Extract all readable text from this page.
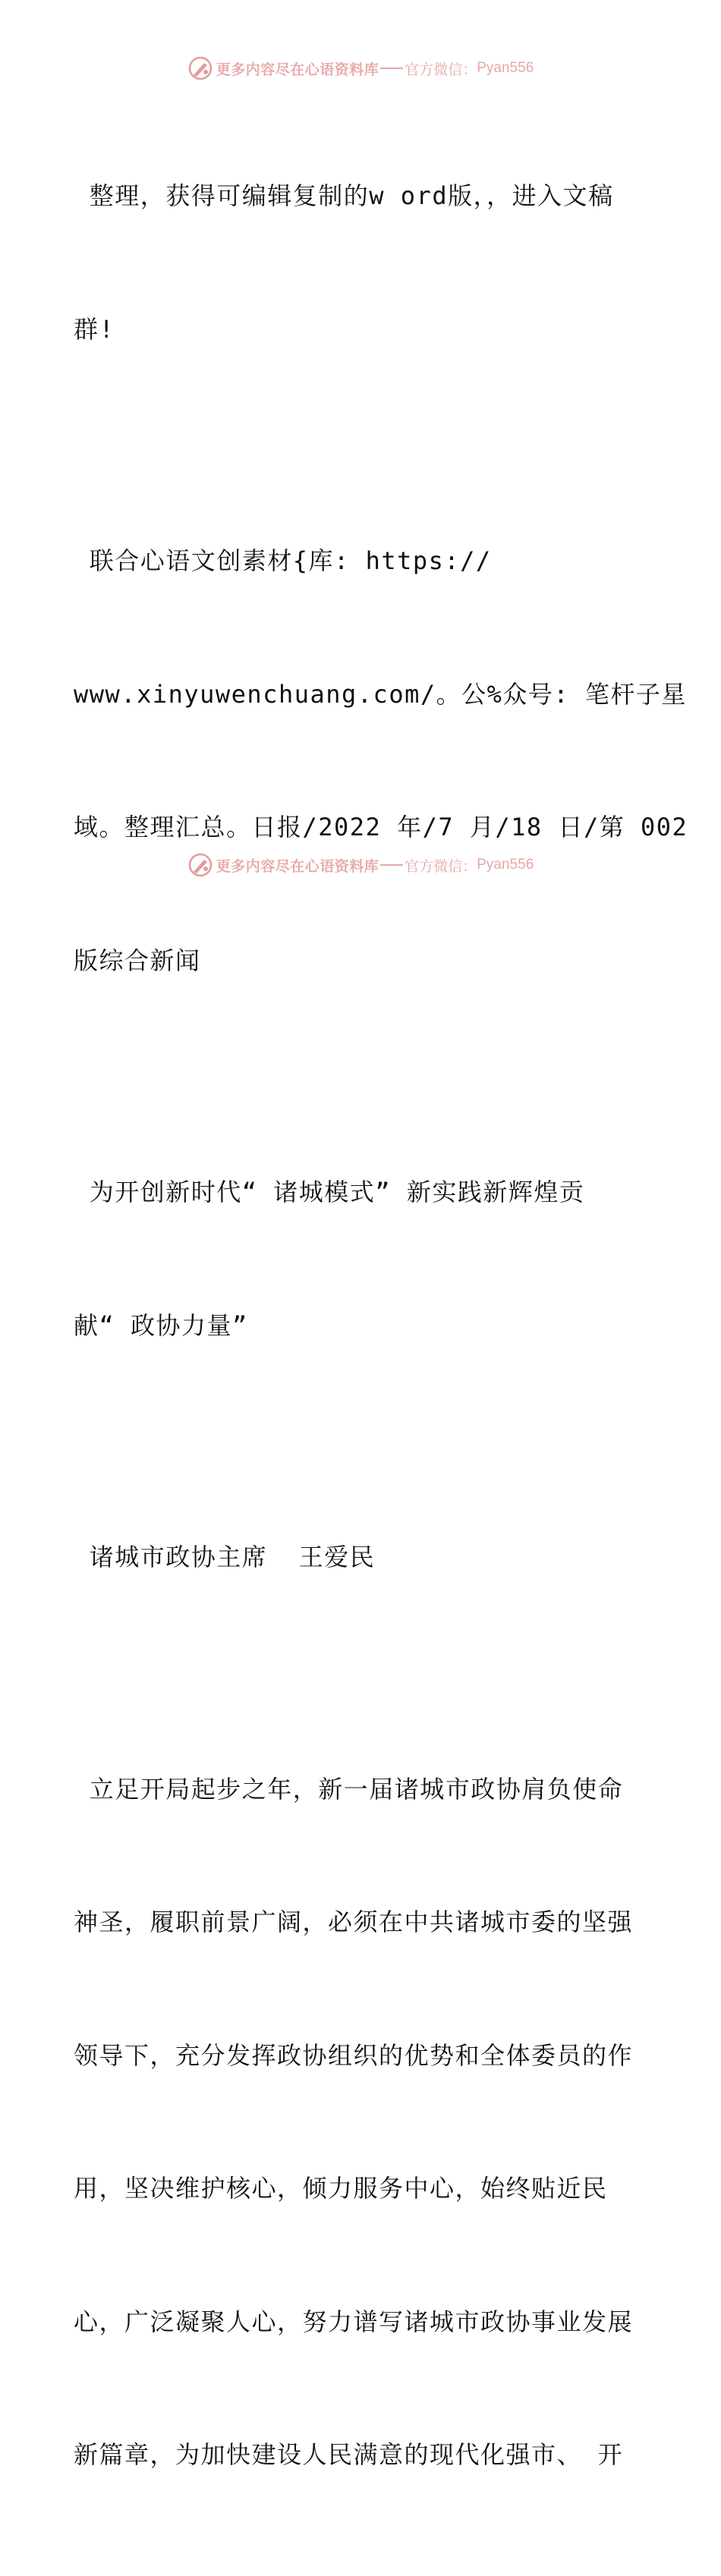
更多内容尽在心语资料库 官方微信： Pyan556

整理，获得可编辑复制的w ord版，，进入文稿

群!

联合心语文创素材{库: https://

www.xinyuwenchuang.com/。公%众号: 笔杆子星

域。整理汇总。日报/2022 年/7 月/18 日/第 002

版综合新闻

为开创新时代“ 诸城模式” 新实践新辉煌贡

献“ 政协力量”

诸城市政协主席  王爱民

立足开局起步之年，新一届诸城市政协肩负使命

神圣，履职前景广阔，必须在中共诸城市委的坚强

领导下，充分发挥政协组织的优势和全体委员的作

用，坚决维护核心，倾力服务中心，始终贴近民

心，广泛凝聚人心，努力谱写诸城市政协事业发展

新篇章，为加快建设人民满意的现代化强市、 开

更多内容尽在心语资料库 官方微信： Pyan556
